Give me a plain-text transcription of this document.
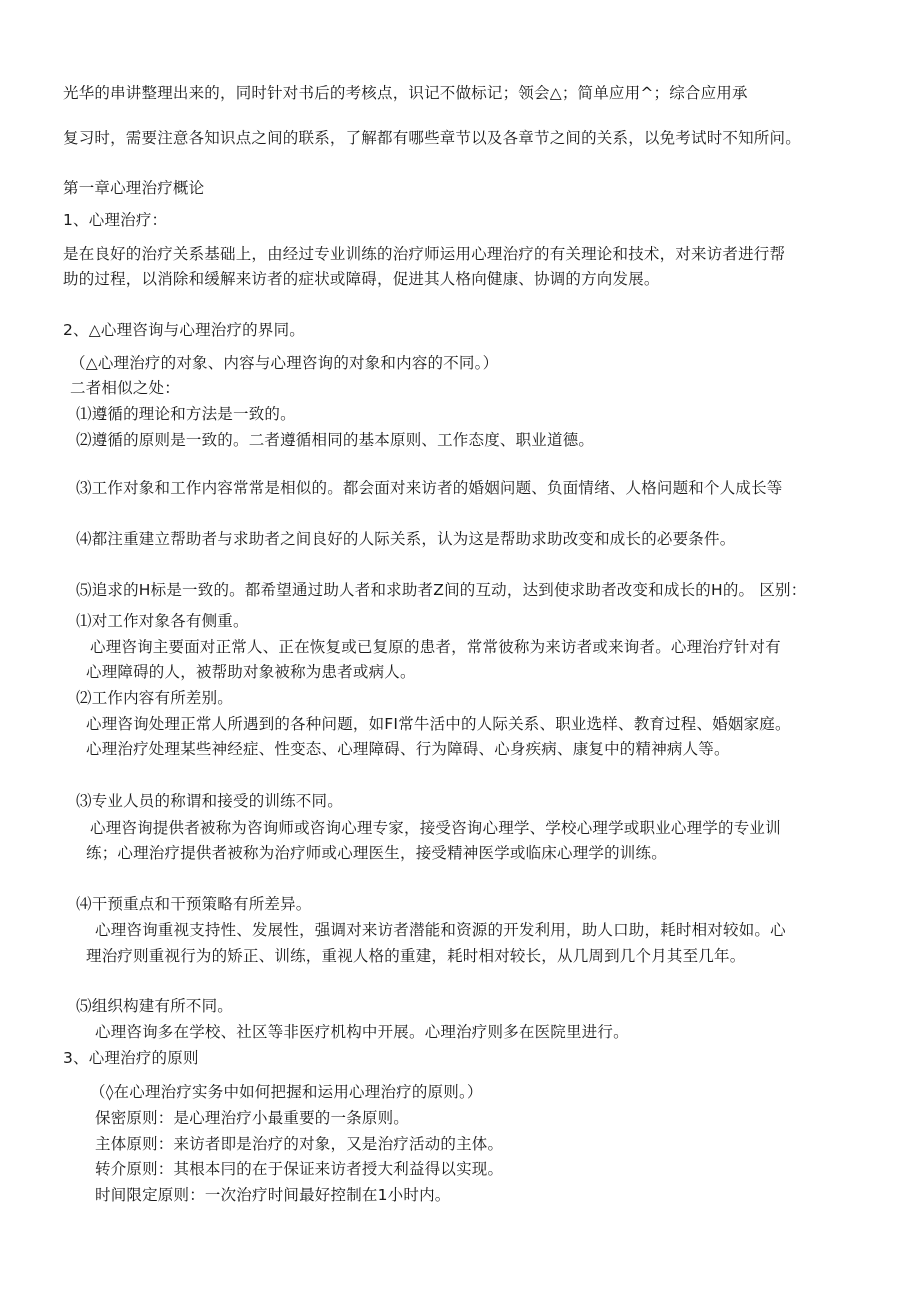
光华的串讲整理出来的，同时针对书后的考核点，识记不做标记；领会△；简单应用^；综合应用承
复习时，需要注意各知识点之间的联系，了解都有哪些章节以及各章节之间的关系，以免考试时不知所问。
第一章心理治疗概论
1、心理治疗：
是在良好的治疗关系基础上，由经过专业训练的治疗师运用心理治疗的有关理论和技术，对来访者进行帮
助的过程，以消除和缓解来访者的症状或障碍，促进其人格向健康、协调的方向发展。
2、△心理咨询与心理治疗的界同。
（△心理治疗的对象、内容与心理咨询的对象和内容的不同。）
二者相似之处：
⑴遵循的理论和方法是一致的。
⑵遵循的原则是一致的。二者遵循相同的基本原则、工作态度、职业道德。
⑶工作对象和工作内容常常是相似的。都会面对来访者的婚姻问题、负面情绪、人格问题和个人成长等
⑷都注重建立帮助者与求助者之间良好的人际关系，认为这是帮助求助改变和成长的必要条件。
⑸追求的H标是一致的。都希望通过助人者和求助者Z间的互动，达到使求助者改变和成长的H的。 区别：
⑴对工作对象各有侧重。
心理咨询主要面对正常人、正在恢复或已复原的患者，常常彼称为来访者或来询者。心理治疗针对有
心理障碍的人，被帮助对象被称为患者或病人。
⑵工作内容有所差别。
心理咨询处理正常人所遇到的各种问题，如FI常牛活中的人际关系、职业选样、教育过程、婚姻家庭。
心理治疗处理某些神经症、性变态、心理障碍、行为障碍、心身疾病、康复中的精神病人等。
⑶专业人员的称谓和接受的训练不同。
心理咨询提供者被称为咨询师或咨询心理专家，接受咨询心理学、学校心理学或职业心理学的专业训
练；心理治疗提供者被称为治疗师或心理医生，接受精神医学或临床心理学的训练。
⑷干预重点和干预策略有所差异。
心理咨询重视支持性、发展性，强调对来访者潜能和资源的开发利用，助人口助，耗时相对较如。心
理治疗则重视行为的矫正、训练，重视人格的重建，耗时相对较长，从几周到几个月其至几年。
⑸组织构建有所不同。
心理咨询多在学校、社区等非医疗机构中开展。心理治疗则多在医院里进行。
3、心理治疗的原则
（◊在心理治疗实务中如何把握和运用心理治疗的原则。）
保密原则：是心理治疗小最重要的一条原则。
主体原则：来访者即是治疗的对象，又是治疗活动的主体。
转介原则：其根本冃的在于保证来访者授大利益得以实现。
时间限定原则：一次治疗时间最好控制在1小时内。
